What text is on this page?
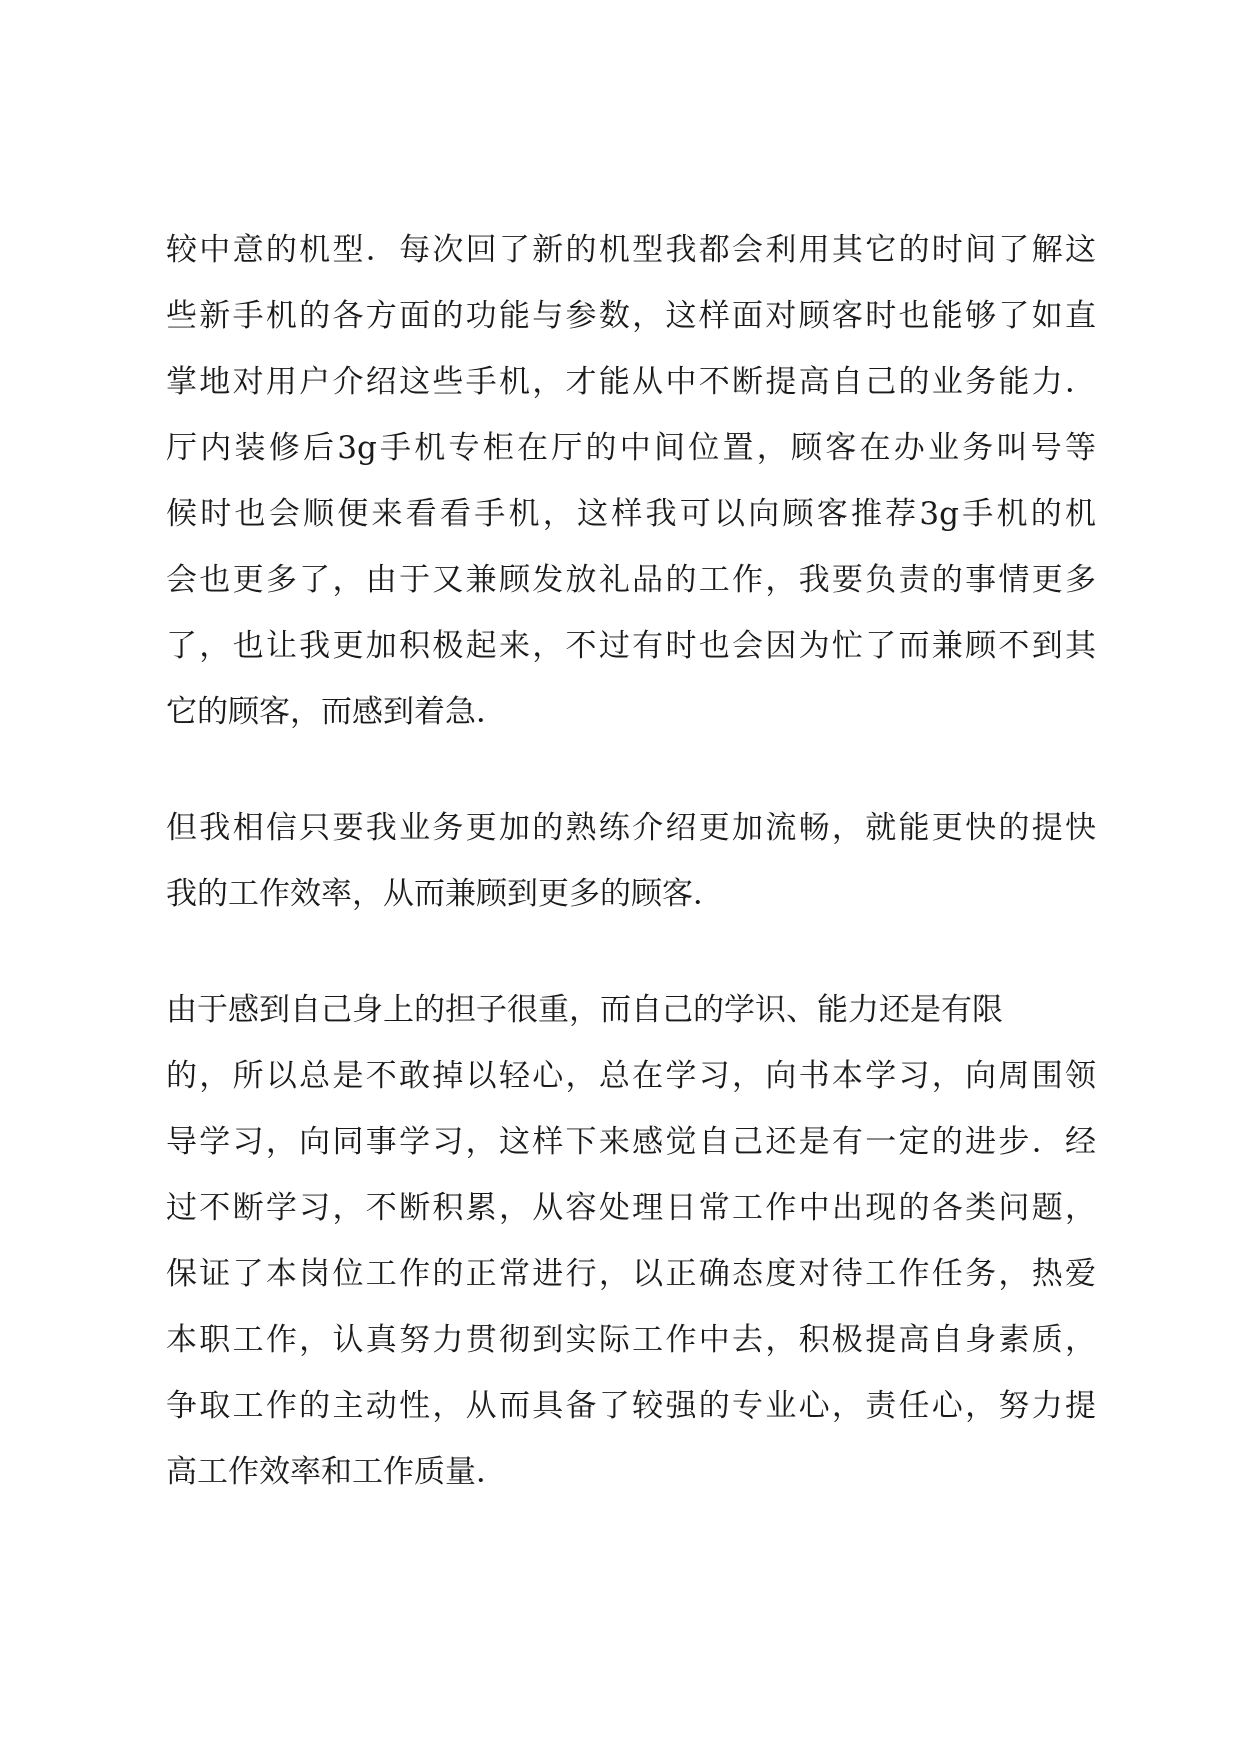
较中意的机型．每次回了新的机型我都会利用其它的时间了解这
些新手机的各方面的功能与参数，这样面对顾客时也能够了如直
掌地对用户介绍这些手机，才能从中不断提高自己的业务能力．
厅内装修后3g手机专柜在厅的中间位置，顾客在办业务叫号等
候时也会顺便来看看手机，这样我可以向顾客推荐3g手机的机
会也更多了，由于又兼顾发放礼品的工作，我要负责的事情更多
了，也让我更加积极起来，不过有时也会因为忙了而兼顾不到其
它的顾客，而感到着急．
但我相信只要我业务更加的熟练介绍更加流畅，就能更快的提快
我的工作效率，从而兼顾到更多的顾客．
由于感到自己身上的担子很重，而自己的学识、能力还是有限
的，所以总是不敢掉以轻心，总在学习，向书本学习，向周围领
导学习，向同事学习，这样下来感觉自己还是有一定的进步．经
过不断学习，不断积累，从容处理日常工作中出现的各类问题，
保证了本岗位工作的正常进行，以正确态度对待工作任务，热爱
本职工作，认真努力贯彻到实际工作中去，积极提高自身素质，
争取工作的主动性，从而具备了较强的专业心，责任心，努力提
高工作效率和工作质量．
